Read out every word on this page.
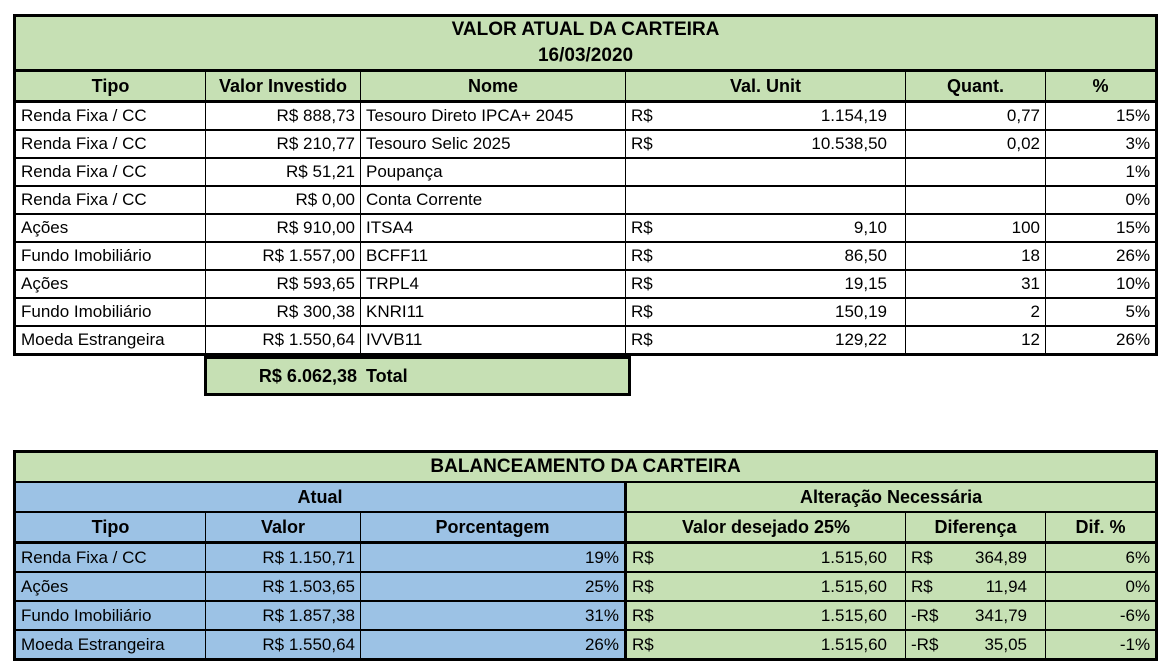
VALOR ATUAL DA CARTEIRA
16/03/2020					

Tipo	Valor Investido	Nome	Val. Unit	Quant.	%
Renda Fixa / CC	R$ 888,73	Tesouro Direto IPCA+ 2045	R$ 1.154,19	0,77	15%
Renda Fixa / CC	R$ 210,77	Tesouro Selic 2025	R$ 10.538,50	0,02	3%
Renda Fixa / CC	R$ 51,21	Poupança			1%
Renda Fixa / CC	R$ 0,00	Conta Corrente			0%
Ações	R$ 910,00	ITSA4	R$ 9,10	100	15%
Fundo Imobiliário	R$ 1.557,00	BCFF11	R$ 86,50	18	26%
Ações	R$ 593,65	TRPL4	R$ 19,15	31	10%
Fundo Imobiliário	R$ 300,38	KNRI11	R$ 150,19	2	5%
Moeda Estrangeira	R$ 1.550,64	IVVB11	R$ 129,22	12	26%
R$ 6.062,38 Total
BALANCEAMENTO DA CARTEIRA					

Atual			Alteração Necessária		
Tipo	Valor	Porcentagem	Valor desejado 25%	Diferença	Dif. %
Renda Fixa / CC	R$ 1.150,71	19%	R$ 1.515,60	R$ 364,89	6%
Ações	R$ 1.503,65	25%	R$ 1.515,60	R$ 11,94	0%
Fundo Imobiliário	R$ 1.857,38	31%	R$ 1.515,60	-R$ 341,79	-6%
Moeda Estrangeira	R$ 1.550,64	26%	R$ 1.515,60	-R$ 35,05	-1%
